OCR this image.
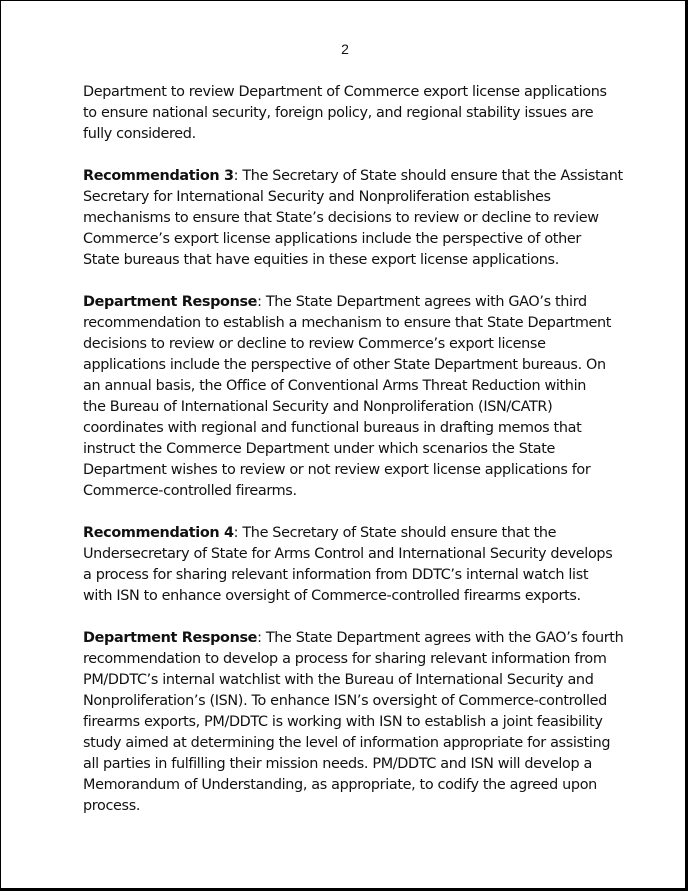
2

Department to review Department of Commerce export license applications
to ensure national security, foreign policy, and regional stability issues are
fully considered.

Recommendation 3: The Secretary of State should ensure that the Assistant
Secretary for International Security and Nonproliferation establishes
mechanisms to ensure that State’s decisions to review or decline to review
Commerce’s export license applications include the perspective of other
State bureaus that have equities in these export license applications.

Department Response: The State Department agrees with GAO’s third
recommendation to establish a mechanism to ensure that State Department
decisions to review or decline to review Commerce’s export license
applications include the perspective of other State Department bureaus. On
an annual basis, the Office of Conventional Arms Threat Reduction within
the Bureau of International Security and Nonproliferation (ISN/CATR)
coordinates with regional and functional bureaus in drafting memos that
instruct the Commerce Department under which scenarios the State
Department wishes to review or not review export license applications for
Commerce-controlled firearms.

Recommendation 4: The Secretary of State should ensure that the
Undersecretary of State for Arms Control and International Security develops
a process for sharing relevant information from DDTC’s internal watch list
with ISN to enhance oversight of Commerce-controlled firearms exports.

Department Response: The State Department agrees with the GAO’s fourth
recommendation to develop a process for sharing relevant information from
PM/DDTC’s internal watchlist with the Bureau of International Security and
Nonproliferation’s (ISN). To enhance ISN’s oversight of Commerce-controlled
firearms exports, PM/DDTC is working with ISN to establish a joint feasibility
study aimed at determining the level of information appropriate for assisting
all parties in fulfilling their mission needs. PM/DDTC and ISN will develop a
Memorandum of Understanding, as appropriate, to codify the agreed upon
process.
